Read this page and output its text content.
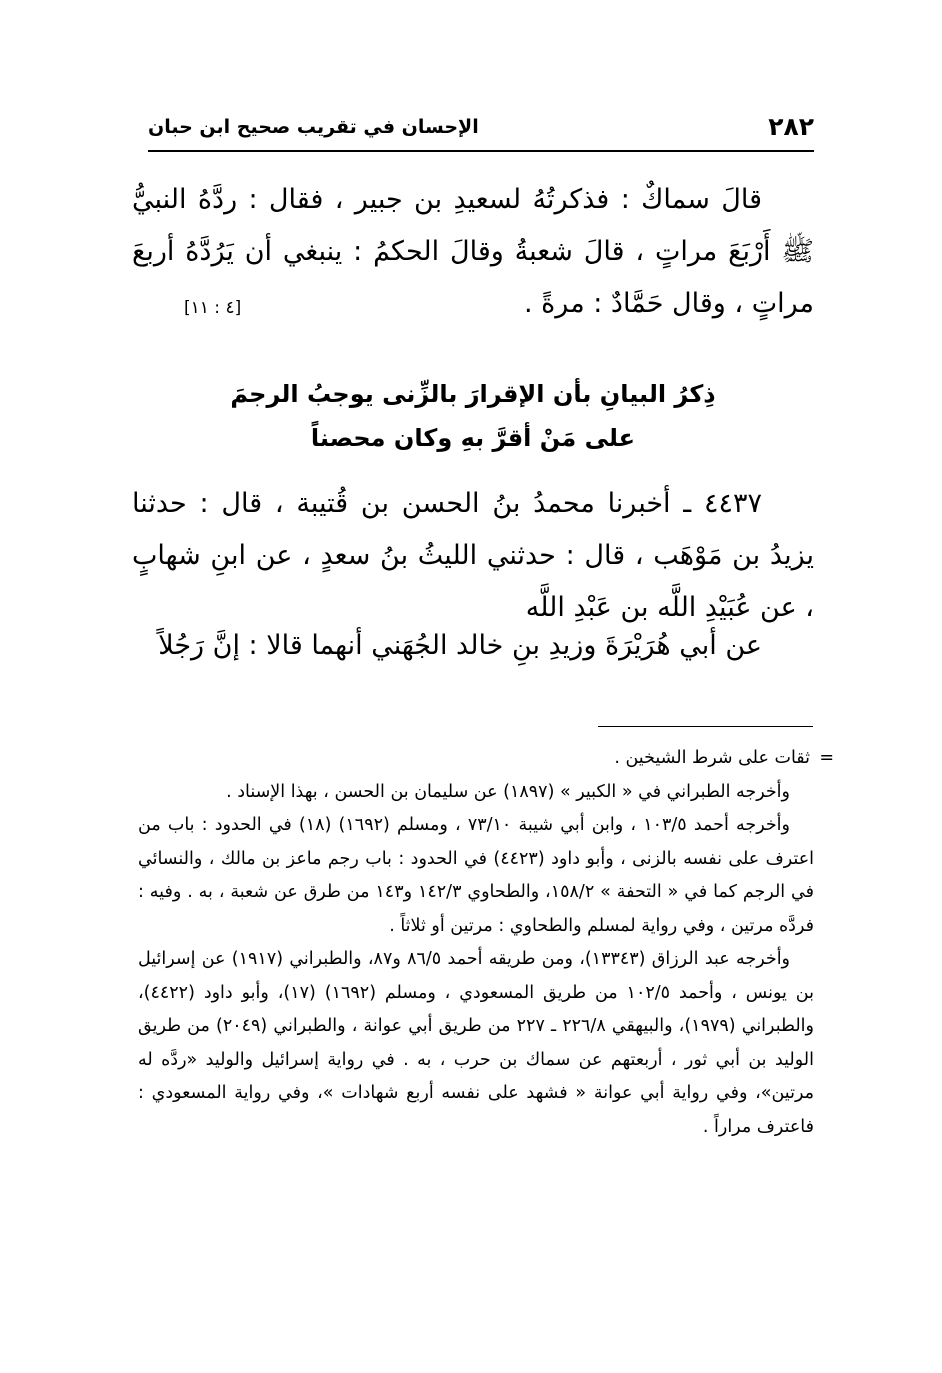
٢٨٢
الإحسان في تقريب صحيح ابن حبان
قالَ سماكٌ : فذكرتُهُ لسعيدِ بن جبير ، فقال : ردَّهُ النبيُّ ﷺ أَرْبَعَ مراتٍ ، قالَ شعبةُ وقالَ الحكمُ : ينبغي أن يَرُدَّهُ أربعَ مراتٍ ، وقال حَمَّادٌ : مرةً .
[٤ : ١١]
ذِكرُ البيانِ بأن الإقرارَ بالزِّنى يوجبُ الرجمَ
على مَنْ أقرَّ بهِ وكان محصناً
٤٤٣٧ ـ أخبرنا محمدُ بنُ الحسن بن قُتيبة ، قال : حدثنا يزيدُ بن مَوْهَب ، قال : حدثني الليثُ بنُ سعدٍ ، عن ابنِ شهابٍ ، عن عُبَيْدِ اللَّه بن عَبْدِ اللَّه
عن أبي هُرَيْرَةَ وزيدِ بنِ خالد الجُهَني أنهما قالا : إنَّ رَجُلاً

=
ثقات على شرط الشيخين .

وأخرجه الطبراني في « الكبير » (١٨٩٧) عن سليمان بن الحسن ، بهذا الإسناد .

وأخرجه أحمد ١٠٣/٥ ، وابن أبي شيبة ٧٣/١٠ ، ومسلم (١٦٩٢) (١٨) في الحدود : باب من اعترف على نفسه بالزنى ، وأبو داود (٤٤٢٣) في الحدود : باب رجم ماعز بن مالك ، والنسائي في الرجم كما في « التحفة » ١٥٨/٢، والطحاوي ١٤٢/٣ و١٤٣ من طرق عن شعبة ، به . وفيه : فردَّه مرتين ، وفي رواية لمسلم والطحاوي : مرتين أو ثلاثاً .

وأخرجه عبد الرزاق (١٣٣٤٣)، ومن طريقه أحمد ٨٦/٥ و٨٧، والطبراني (١٩١٧) عن إسرائيل بن يونس ، وأحمد ١٠٢/٥ من طريق المسعودي ، ومسلم (١٦٩٢) (١٧)، وأبو داود (٤٤٢٢)، والطبراني (١٩٧٩)، والبيهقي ٢٢٦/٨ ـ ٢٢٧ من طريق أبي عوانة ، والطبراني (٢٠٤٩) من طريق الوليد بن أبي ثور ، أربعتهم عن سماك بن حرب ، به . في رواية إسرائيل والوليد «ردَّه له مرتين»، وفي رواية أبي عوانة « فشهد على نفسه أربع شهادات »، وفي رواية المسعودي : فاعترف مراراً .
